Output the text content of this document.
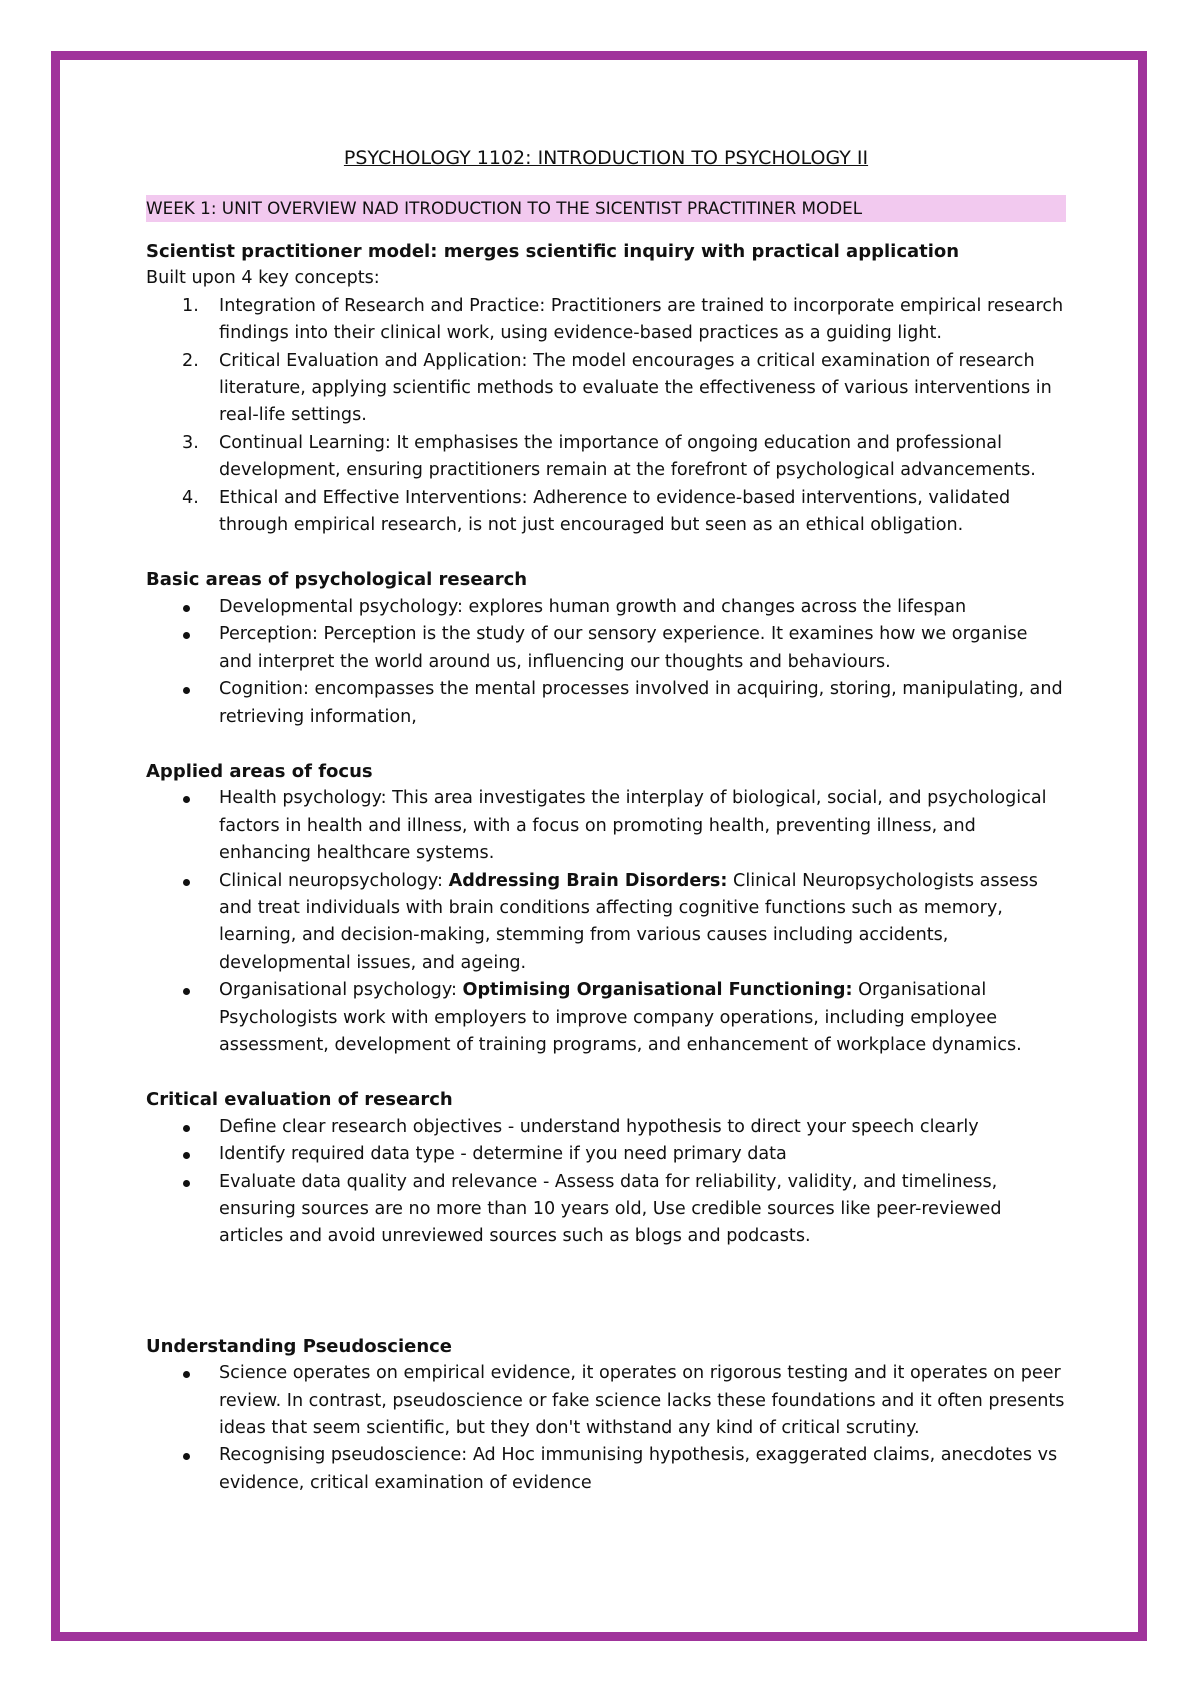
PSYCHOLOGY 1102: INTRODUCTION TO PSYCHOLOGY II
WEEK 1: UNIT OVERVIEW NAD ITRODUCTION TO THE SICENTIST PRACTITINER MODEL
Scientist practitioner model: merges scientific inquiry with practical application
Built upon 4 key concepts:
1. Integration of Research and Practice: Practitioners are trained to incorporate empirical research findings into their clinical work, using evidence-based practices as a guiding light.
2. Critical Evaluation and Application: The model encourages a critical examination of research literature, applying scientific methods to evaluate the effectiveness of various interventions in real-life settings.
3. Continual Learning: It emphasises the importance of ongoing education and professional development, ensuring practitioners remain at the forefront of psychological advancements.
4. Ethical and Effective Interventions: Adherence to evidence-based interventions, validated through empirical research, is not just encouraged but seen as an ethical obligation.
Basic areas of psychological research
Developmental psychology: explores human growth and changes across the lifespan
Perception: Perception is the study of our sensory experience. It examines how we organise and interpret the world around us, influencing our thoughts and behaviours.
Cognition: encompasses the mental processes involved in acquiring, storing, manipulating, and retrieving information,
Applied areas of focus
Health psychology: This area investigates the interplay of biological, social, and psychological factors in health and illness, with a focus on promoting health, preventing illness, and enhancing healthcare systems.
Clinical neuropsychology: Addressing Brain Disorders: Clinical Neuropsychologists assess and treat individuals with brain conditions affecting cognitive functions such as memory, learning, and decision-making, stemming from various causes including accidents, developmental issues, and ageing.
Organisational psychology: Optimising Organisational Functioning: Organisational Psychologists work with employers to improve company operations, including employee assessment, development of training programs, and enhancement of workplace dynamics.
Critical evaluation of research
Define clear research objectives - understand hypothesis to direct your speech clearly
Identify required data type - determine if you need primary data
Evaluate data quality and relevance - Assess data for reliability, validity, and timeliness, ensuring sources are no more than 10 years old, Use credible sources like peer-reviewed articles and avoid unreviewed sources such as blogs and podcasts.
Understanding Pseudoscience
Science operates on empirical evidence, it operates on rigorous testing and it operates on peer review. In contrast, pseudoscience or fake science lacks these foundations and it often presents ideas that seem scientific, but they don't withstand any kind of critical scrutiny.
Recognising pseudoscience: Ad Hoc immunising hypothesis, exaggerated claims, anecdotes vs evidence, critical examination of evidence
